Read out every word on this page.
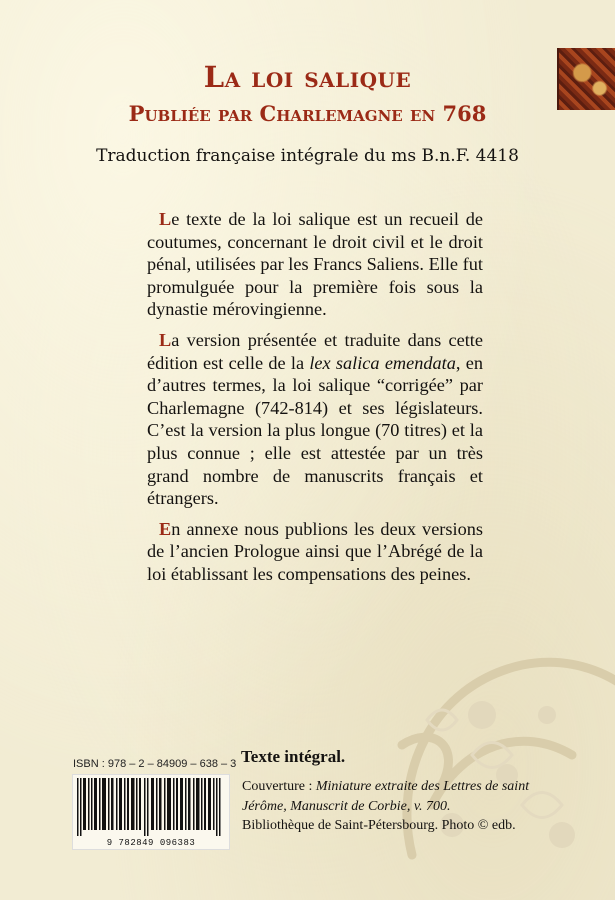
La loi salique
Publiée par Charlemagne en 768
Traduction française intégrale du ms B.n.F. 4418

Le texte de la loi salique est un recueil de coutumes, concernant le droit civil et le droit pénal, utilisées par les Francs Saliens. Elle fut promulguée pour la première fois sous la dynastie mérovingienne.

La version présentée et traduite dans cette édition est celle de la lex salica emendata, en d’autres termes, la loi salique “corrigée” par Charlemagne (742-814) et ses législateurs. C’est la version la plus longue (70 titres) et la plus connue ; elle est attestée par un très grand nombre de manuscrits français et étrangers.

En annexe nous publions les deux versions de l’ancien Prologue ainsi que l’Abrégé de la loi établissant les compensations des peines.

ISBN : 978 – 2 – 84909 – 638 – 3
9 782849 096383
Texte intégral.
Couverture : Miniature extraite des Lettres de saint
Jérôme, Manuscrit de Corbie, v. 700.
Bibliothèque de Saint-Pétersbourg. Photo © edb.
